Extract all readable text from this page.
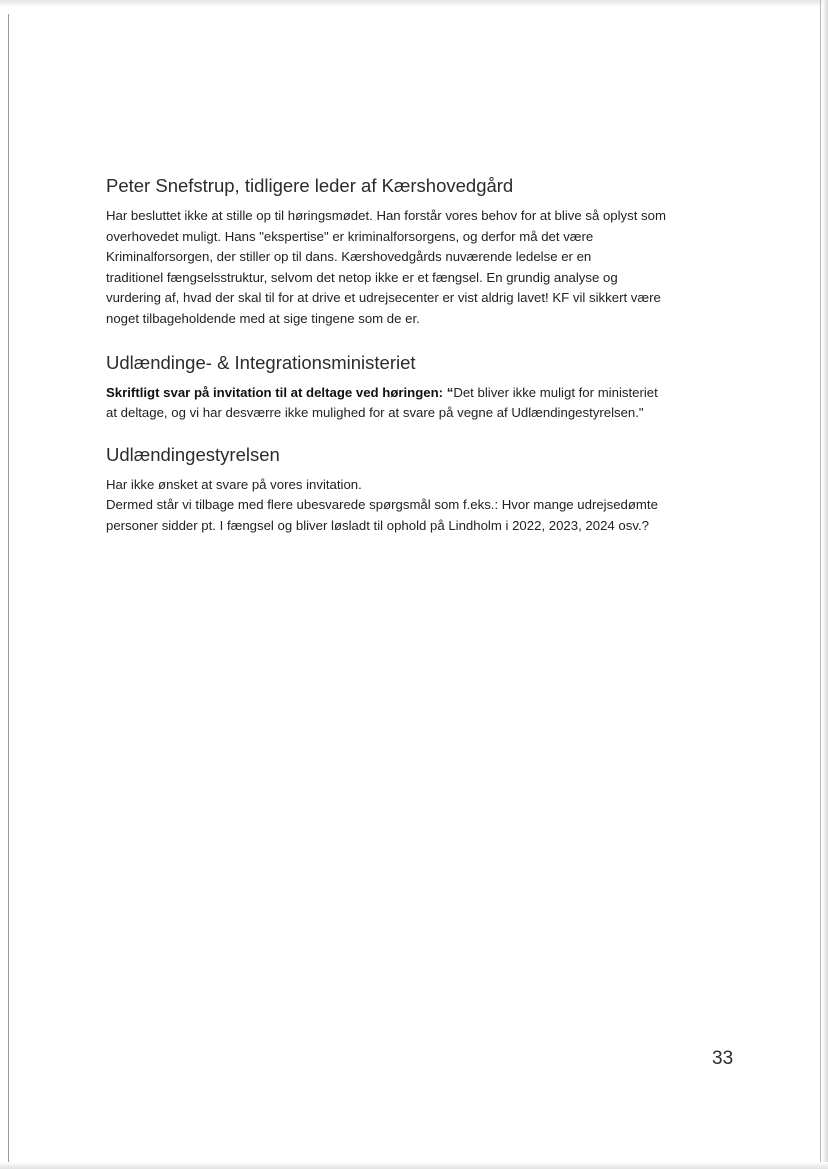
Peter Snefstrup, tidligere leder af Kærshovedgård

Har besluttet ikke at stille op til høringsmødet. Han forstår vores behov for at blive så oplyst som
overhovedet muligt. Hans "ekspertise" er kriminalforsorgens, og derfor må det være
Kriminalforsorgen, der stiller op til dans. Kærshovedgårds nuværende ledelse er en
traditionel fængselsstruktur, selvom det netop ikke er et fængsel. En grundig analyse og
vurdering af, hvad der skal til for at drive et udrejsecenter er vist aldrig lavet! KF vil sikkert være
noget tilbageholdende med at sige tingene som de er.

Udlændinge- & Integrationsministeriet

Skriftligt svar på invitation til at deltage ved høringen: “Det bliver ikke muligt for ministeriet
at deltage, og vi har desværre ikke mulighed for at svare på vegne af Udlændingestyrelsen."

Udlændingestyrelsen

Har ikke ønsket at svare på vores invitation.
Dermed står vi tilbage med flere ubesvarede spørgsmål som f.eks.: Hvor mange udrejsedømte
personer sidder pt. I fængsel og bliver løsladt til ophold på Lindholm i 2022, 2023, 2024 osv.?

33
